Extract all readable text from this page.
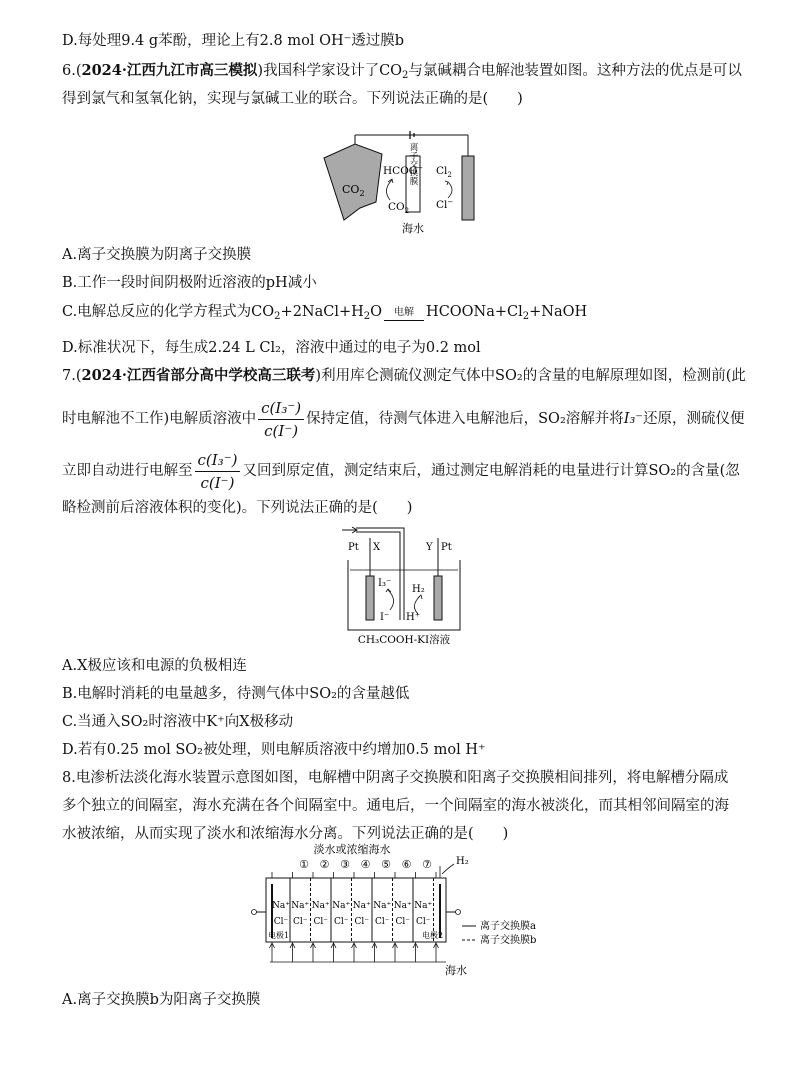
D.每处理9.4 g苯酚，理论上有2.8 mol OH⁻透过膜b
6.(2024·江西九江市高三模拟)我国科学家设计了$CO_2$与氯碱耦合电解池装置如图。这种方法的优点是可以
得到氯气和氢氧化钠，实现与氯碱工业的联合。下列说法正确的是(　　)
$CO_2$
离子交换膜
HCOO−
$CO_2$
$Cl_2$
Cl−
海水
A.离子交换膜为阴离子交换膜
B.工作一段时间阴极附近溶液的pH减小
C.电解总反应的化学方程式为$CO_2+2NaCl+H_2O$ 电解 $HCOONa+Cl_2+NaOH$
D.标准状况下，每生成2.24 L Cl₂，溶液中通过的电子为0.2 mol
7.(2024·江西省部分高中学校高三联考)利用库仑测硫仪测定气体中SO₂的含量的电解原理如图，检测前(此
时电解池不工作)电解质溶液中 $\frac{\text{c(I₃⁻)}}{c(I^-)}$ 保持定值，待测气体进入电解池后，SO₂溶解并将I₃⁻还原，测硫仪便
立即自动进行电解至 $\frac{\text{c(I₃⁻)}}{c(I^-)}$ 又回到原定值，测定结束后，通过测定电解消耗的电量进行计算SO₂的含量(忽
略检测前后溶液体积的变化)。下列说法正确的是(　　)
Pt X	Y Pt
I₃⁻
I⁻
H₂
H⁺
CH₃COOH-KI溶液
A.X极应该和电源的负极相连
B.电解时消耗的电量越多，待测气体中SO₂的含量越低
C.当通入SO₂时溶液中K⁺向X极移动
D.若有0.25 mol SO₂被处理，则电解质溶液中约增加0.5 mol H⁺
8.电渗析法淡化海水装置示意图如图，电解槽中阴离子交换膜和阳离子交换膜相间排列，将电解槽分隔成
多个独立的间隔室，海水充满在各个间隔室中。通电后，一个间隔室的海水被淡化，而其相邻间隔室的海
水被浓缩，从而实现了淡水和浓缩海水分离。下列说法正确的是(　　)
淡水或浓缩海水
① ② ③ ④ ⑤ ⑥ ⑦
Na⁺
Cl⁻
Na⁺
Cl⁻
Na⁺
Cl⁻
Na⁺
Cl⁻
Na⁺
Cl⁻
Na⁺
Cl⁻
Na⁺
Cl⁻
Na⁺
Cl⁻
电极1	电极2
H₂
离子交换膜a
离子交换膜b
海水
A.离子交换膜b为阳离子交换膜
